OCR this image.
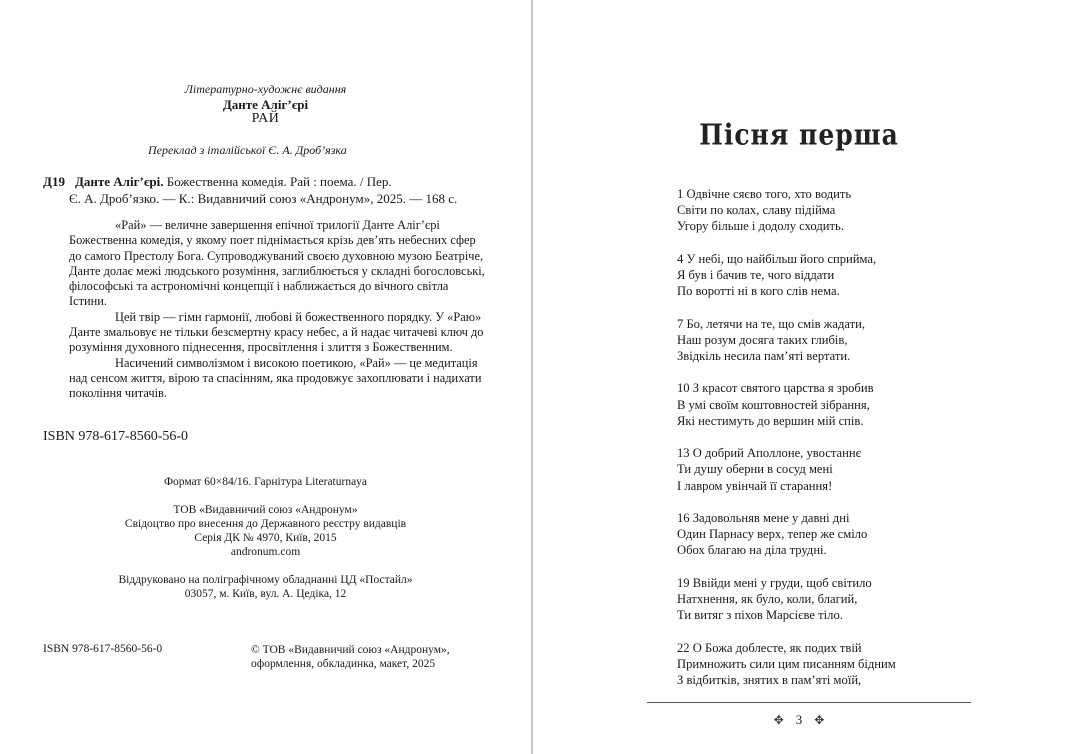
Літературно-художнє видання
Данте Аліг’єрі
РАЙ
Переклад з італійської Є. А. Дроб’язка
Д19 Данте Аліг’єрі. Божественна комедія. Рай : поема. / Пер.
Є. А. Дроб’язко. — К.: Видавничий союз «Андронум», 2025. — 168 с.

«Рай» — величне завершення епічної трилогії Данте Аліг’єрі Божественна комедія, у якому поет піднімається крізь дев’ять небесних сфер до самого Престолу Бога. Супроводжуваний своєю духовною музою Беатріче, Данте долає межі людського розуміння, заглиблюється у складні богословські, філософські та астрономічні концепції і наближається до вічного світла Істини.

Цей твір — гімн гармонії, любові й божественного порядку. У «Раю» Данте змальовує не тільки безсмертну красу небес, а й надає читачеві ключ до розуміння духовного піднесення, просвітлення і злиття з Божественним.

Насичений символізмом і високою поетикою, «Рай» — це медитація над сенсом життя, вірою та спасінням, яка продовжує захоплювати і надихати покоління читачів.

ISBN 978-617-8560-56-0
Формат 60×84/16. Гарнітура Literaturnaya
ТОВ «Видавничий союз «Андронум»
Свідоцтво про внесення до Державного реєстру видавців
Серія ДК № 4970, Київ, 2015
andronum.com
Віддруковано на поліграфічному обладнанні ЦД «Постайл»
03057, м. Київ, вул. А. Цедіка, 12
ISBN 978-617-8560-56-0	© ТОВ «Видавничий союз «Андронум»,
оформлення, обкладинка, макет, 2025
Пісня перша
1 Одвічне сяєво того, хто водить
Світи по колах, славу підійма
Угору більше і додолу сходить.
4 У небі, що найбільш його сприйма,
Я був і бачив те, чого віддати
По воротті ні в кого слів нема.
7 Бо, летячи на те, що смів жадати,
Наш розум досяга таких глибів,
Звідкіль несила пам’яті вертати.
10 З красот святого царства я зробив
В умі своїм коштовностей зібрання,
Які нестимуть до вершин мій спів.
13 О добрий Аполлоне, увостаннє
Ти душу оберни в сосуд мені
І лавром увінчай її старання!
16 Задовольняв мене у давні дні
Один Парнасу верх, тепер же сміло
Обох благаю на діла трудні.
19 Ввійди мені у груди, щоб світило
Натхнення, як було, коли, благий,
Ти витяг з піхов Марсієве тіло.
22 О Божа доблесте, як подих твій
Примножить сили цим писанням бідним
З відбитків, знятих в пам’яті моїй,
✥ 3 ✥
